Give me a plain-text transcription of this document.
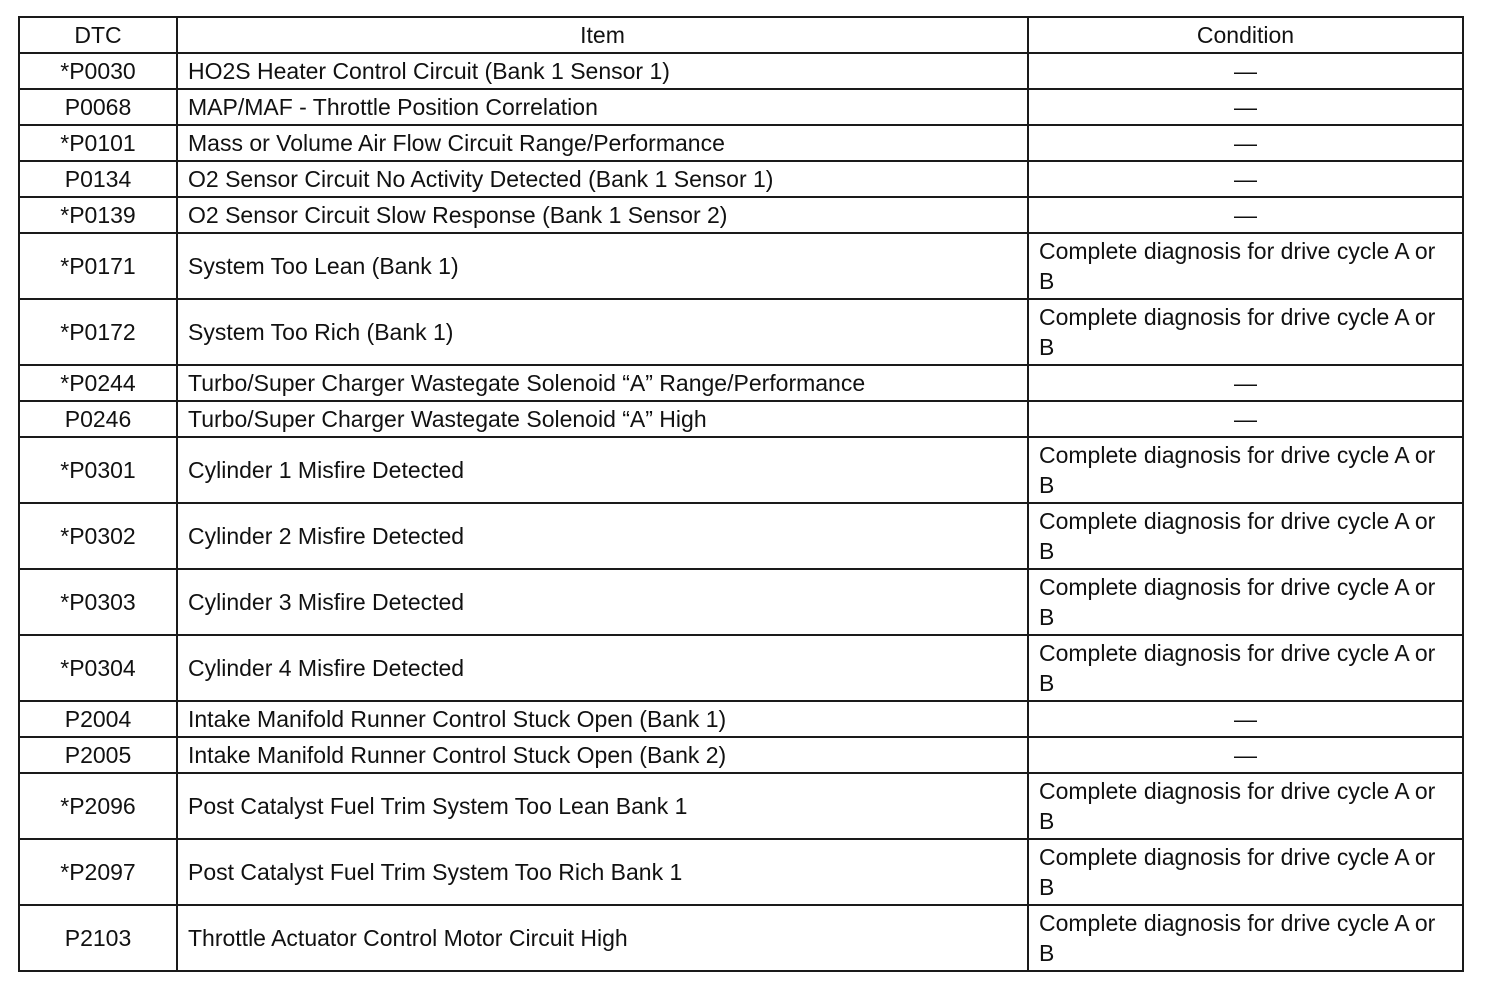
DTC	Item	Condition
*P0030	HO2S Heater Control Circuit (Bank 1 Sensor 1)	—
P0068	MAP/MAF - Throttle Position Correlation	—
*P0101	Mass or Volume Air Flow Circuit Range/Performance	—
P0134	O2 Sensor Circuit No Activity Detected (Bank 1 Sensor 1)	—
*P0139	O2 Sensor Circuit Slow Response (Bank 1 Sensor 2)	—
*P0171	System Too Lean (Bank 1)	Complete diagnosis for drive cycle A or B
*P0172	System Too Rich (Bank 1)	Complete diagnosis for drive cycle A or B
*P0244	Turbo/Super Charger Wastegate Solenoid “A” Range/Performance	—
P0246	Turbo/Super Charger Wastegate Solenoid “A” High	—
*P0301	Cylinder 1 Misfire Detected	Complete diagnosis for drive cycle A or B
*P0302	Cylinder 2 Misfire Detected	Complete diagnosis for drive cycle A or B
*P0303	Cylinder 3 Misfire Detected	Complete diagnosis for drive cycle A or B
*P0304	Cylinder 4 Misfire Detected	Complete diagnosis for drive cycle A or B
P2004	Intake Manifold Runner Control Stuck Open (Bank 1)	—
P2005	Intake Manifold Runner Control Stuck Open (Bank 2)	—
*P2096	Post Catalyst Fuel Trim System Too Lean Bank 1	Complete diagnosis for drive cycle A or B
*P2097	Post Catalyst Fuel Trim System Too Rich Bank 1	Complete diagnosis for drive cycle A or B
P2103	Throttle Actuator Control Motor Circuit High	Complete diagnosis for drive cycle A or B
